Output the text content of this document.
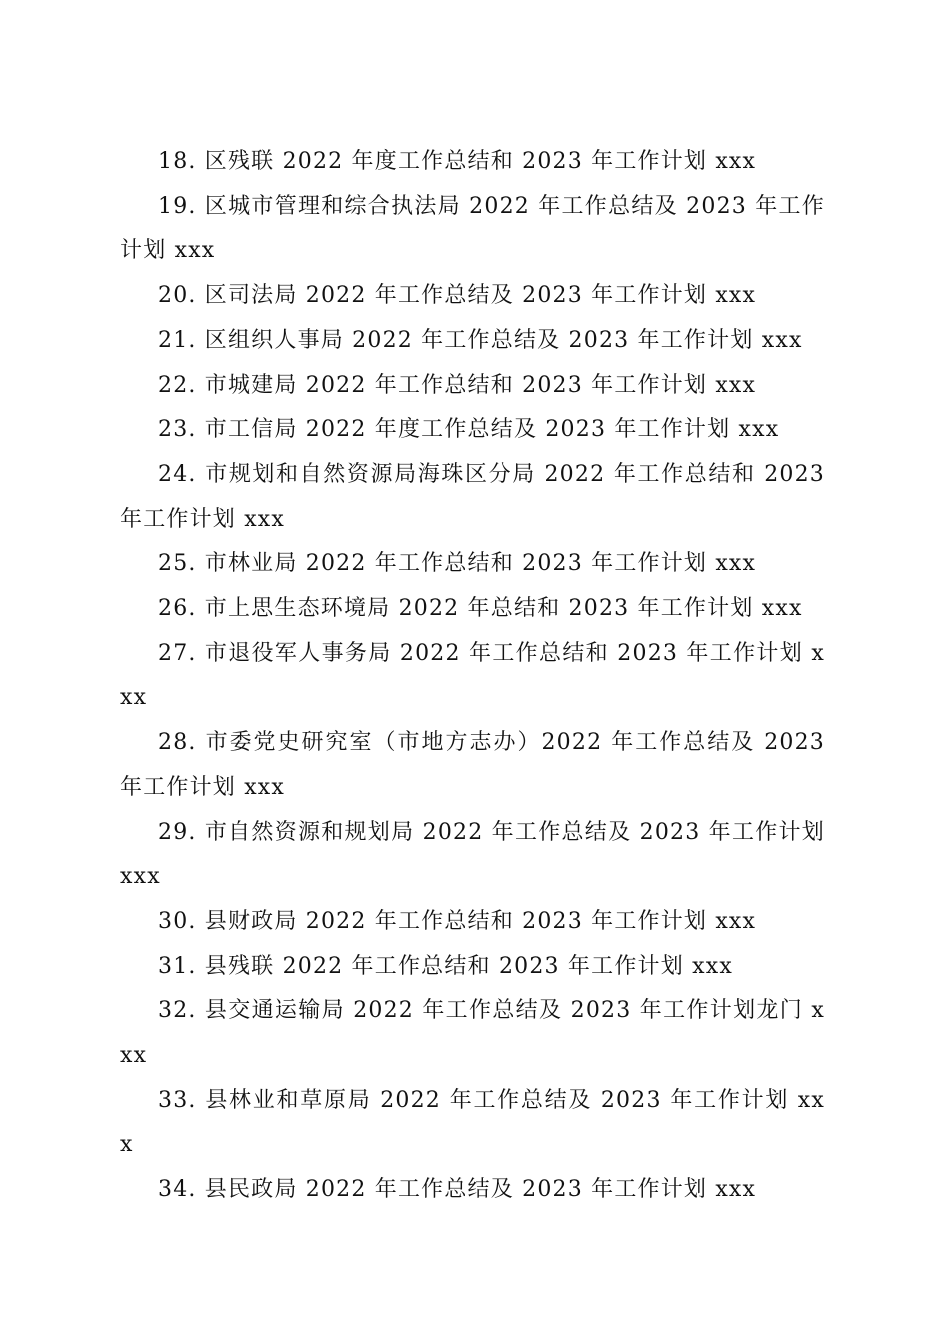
18. 区残联 2022 年度工作总结和 2023 年工作计划 xxx
19. 区城市管理和综合执法局 2022 年工作总结及 2023 年工作计划 xxx
20. 区司法局 2022 年工作总结及 2023 年工作计划 xxx
21. 区组织人事局 2022 年工作总结及 2023 年工作计划 xxx
22. 市城建局 2022 年工作总结和 2023 年工作计划 xxx
23. 市工信局 2022 年度工作总结及 2023 年工作计划 xxx
24. 市规划和自然资源局海珠区分局 2022 年工作总结和 2023 年工作计划 xxx
25. 市林业局 2022 年工作总结和 2023 年工作计划 xxx
26. 市上思生态环境局 2022 年总结和 2023 年工作计划 xxx
27. 市退役军人事务局 2022 年工作总结和 2023 年工作计划 xxx
28. 市委党史研究室（市地方志办）2022 年工作总结及 2023 年工作计划 xxx
29. 市自然资源和规划局 2022 年工作总结及 2023 年工作计划 xxx
30. 县财政局 2022 年工作总结和 2023 年工作计划 xxx
31. 县残联 2022 年工作总结和 2023 年工作计划 xxx
32. 县交通运输局 2022 年工作总结及 2023 年工作计划龙门 xxx
33. 县林业和草原局 2022 年工作总结及 2023 年工作计划 xxx
34. 县民政局 2022 年工作总结及 2023 年工作计划 xxx
